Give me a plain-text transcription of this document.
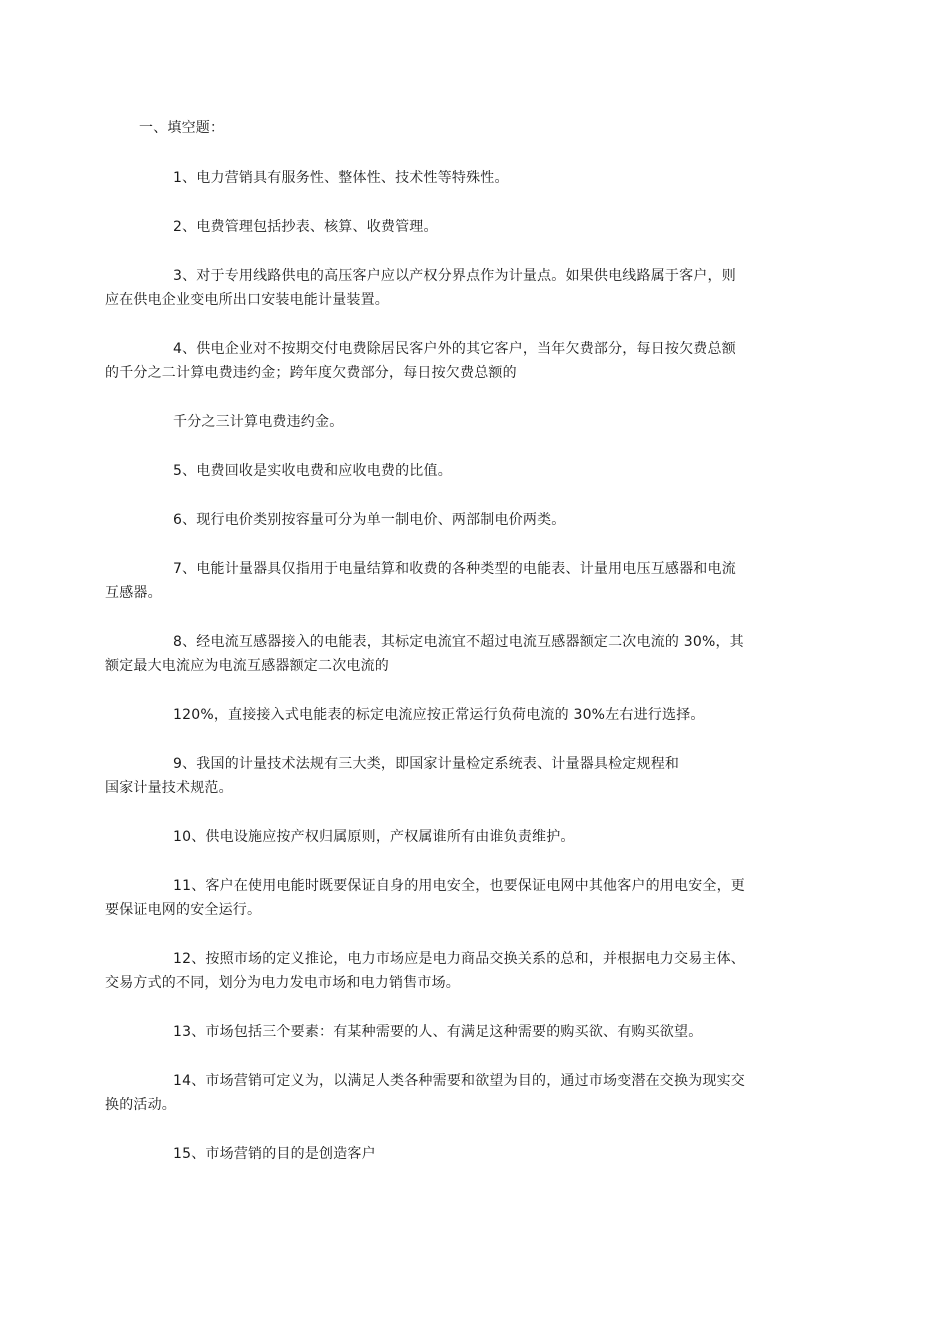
一、填空题：
1、电力营销具有服务性、整体性、技术性等特殊性。
2、电费管理包括抄表、核算、收费管理。
3、对于专用线路供电的高压客户应以产权分界点作为计量点。如果供电线路属于客户，则
应在供电企业变电所出口安装电能计量装置。
4、供电企业对不按期交付电费除居民客户外的其它客户，当年欠费部分，每日按欠费总额
的千分之二计算电费违约金；跨年度欠费部分，每日按欠费总额的
千分之三计算电费违约金。
5、电费回收是实收电费和应收电费的比值。
6、现行电价类别按容量可分为单一制电价、两部制电价两类。
7、电能计量器具仅指用于电量结算和收费的各种类型的电能表、计量用电压互感器和电流
互感器。
8、经电流互感器接入的电能表，其标定电流宜不超过电流互感器额定二次电流的 30%，其
额定最大电流应为电流互感器额定二次电流的
120%，直接接入式电能表的标定电流应按正常运行负荷电流的 30%左右进行选择。
9、我国的计量技术法规有三大类，即国家计量检定系统表、计量器具检定规程和
国家计量技术规范。
10、供电设施应按产权归属原则，产权属谁所有由谁负责维护。
11、客户在使用电能时既要保证自身的用电安全，也要保证电网中其他客户的用电安全，更
要保证电网的安全运行。
12、按照市场的定义推论，电力市场应是电力商品交换关系的总和，并根据电力交易主体、
交易方式的不同，划分为电力发电市场和电力销售市场。
13、市场包括三个要素：有某种需要的人、有满足这种需要的购买欲、有购买欲望。
14、市场营销可定义为，以满足人类各种需要和欲望为目的，通过市场变潜在交换为现实交
换的活动。
15、市场营销的目的是创造客户
